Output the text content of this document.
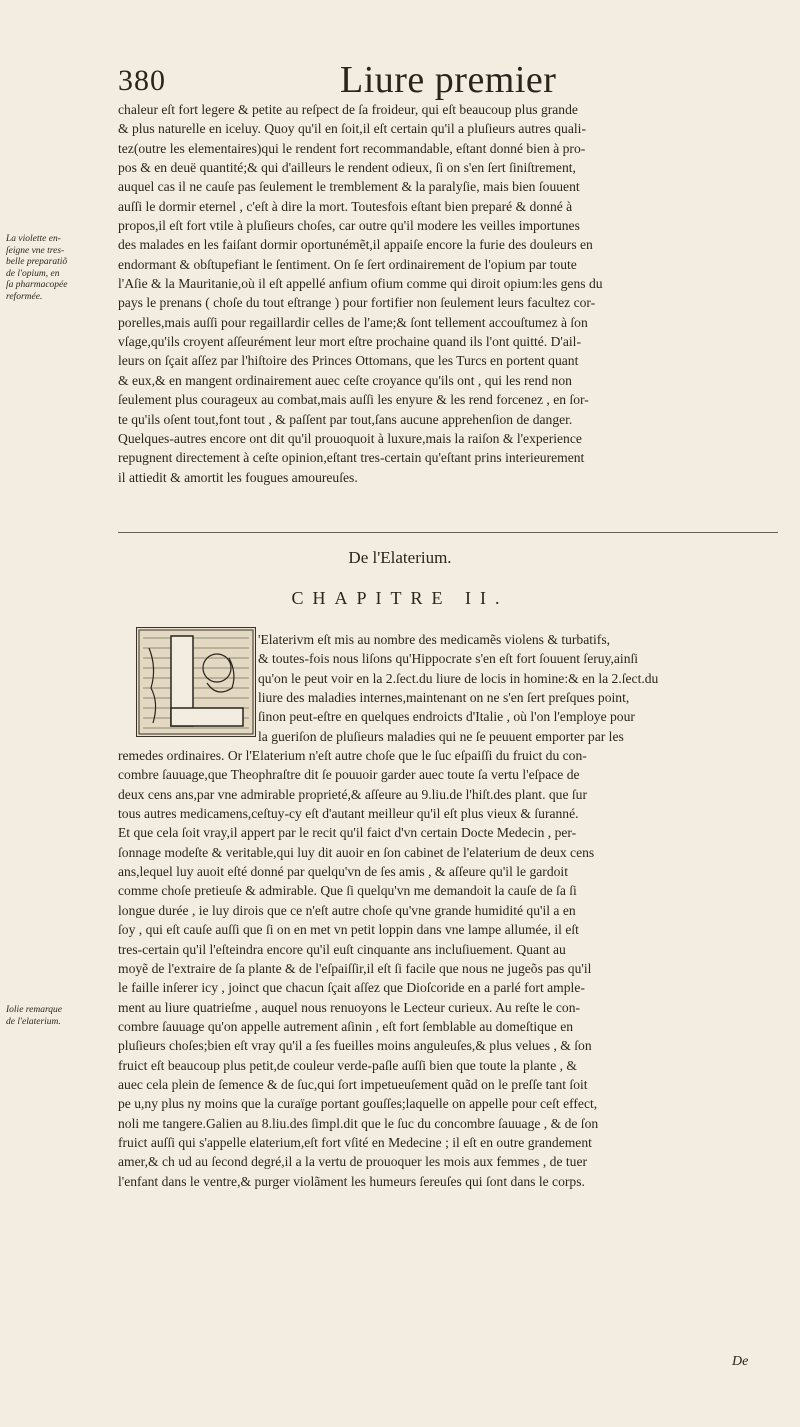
380	Liure premier
chaleur eſt fort legere & petite au reſpect de ſa froideur, qui eſt beaucoup plus grande
& plus naturelle en iceluy. Quoy qu'il en ſoit,il eſt certain qu'il a pluſieurs autres quali-
tez(outre les elementaires)qui le rendent fort recommandable, eſtant donné bien à pro-
pos & en deuë quantité;& qui d'ailleurs le rendent odieux, ſi on s'en ſert ſiniſtrement,
auquel cas il ne cauſe pas ſeulement le tremblement & la paralyſie, mais bien ſouuent
auſſi le dormir eternel , c'eſt à dire la mort. Toutesfois eſtant bien preparé & donné à
propos,il eſt fort vtile à pluſieurs choſes, car outre qu'il modere les veilles importunes
des malades en les faiſant dormir oportunémẽt,il appaiſe encore la furie des douleurs en
endormant & obſtupefiant le ſentiment. On ſe ſert ordinairement de l'opium par toute
l'Aſie & la Mauritanie,où il eſt appellé anfium ofium comme qui diroit opium:les gens du
pays le prenans ( choſe du tout eſtrange ) pour fortifier non ſeulement leurs facultez cor-
porelles,mais auſſi pour regaillardir celles de l'ame;& ſont tellement accouſtumez à ſon
vſage,qu'ils croyent aſſeurément leur mort eſtre prochaine quand ils l'ont quitté. D'ail-
leurs on ſçait aſſez par l'hiſtoire des Princes Ottomans, que les Turcs en portent quant
& eux,& en mangent ordinairement auec ceſte croyance qu'ils ont , qui les rend non
ſeulement plus courageux au combat,mais auſſi les enyure & les rend forcenez , en ſor-
te qu'ils oſent tout,font tout , & paſſent par tout,ſans aucune apprehenſion de danger.
Quelques-autres encore ont dit qu'il prouoquoit à luxure,mais la raiſon & l'experience
repugnent directement à ceſte opinion,eſtant tres-certain qu'eſtant prins interieurement
il attiedit & amortit les fougues amoureuſes.
La violette en-
ſeigne vne tres-
belle preparatiõ
de l'opium, en
ſa pharmacopée
reformée.
De l'Elaterium.
CHAPITRE II.
'Elaterivm eſt mis au nombre des medicamẽs violens & turbatifs,
& toutes-fois nous liſons qu'Hippocrate s'en eſt fort ſouuent ſeruy,ainſi
qu'on le peut voir en la 2.ſect.du liure de locis in homine:& en la 2.ſect.du
liure des maladies internes,maintenant on ne s'en ſert preſques point,
ſinon peut-eſtre en quelques endroicts d'Italie , où l'on l'employe pour
la gueriſon de pluſieurs maladies qui ne ſe peuuent emporter par les
remedes ordinaires. Or l'Elaterium n'eſt autre choſe que le ſuc eſpaiſſi du fruict du con-
combre ſauuage,que Theophraſtre dit ſe pouuoir garder auec toute ſa vertu l'eſpace de
deux cens ans,par vne admirable proprieté,& aſſeure au 9.liu.de l'hiſt.des plant. que ſur
tous autres medicamens,ceſtuy-cy eſt d'autant meilleur qu'il eſt plus vieux & ſuranné.
Et que cela ſoit vray,il appert par le recit qu'il faict d'vn certain Docte Medecin , per-
ſonnage modeſte & veritable,qui luy dit auoir en ſon cabinet de l'elaterium de deux cens
ans,lequel luy auoit eſté donné par quelqu'vn de ſes amis , & aſſeure qu'il le gardoit
comme choſe pretieuſe & admirable. Que ſi quelqu'vn me demandoit la cauſe de ſa ſi
longue durée , ie luy dirois que ce n'eſt autre choſe qu'vne grande humidité qu'il a en
ſoy , qui eſt cauſe auſſi que ſi on en met vn petit loppin dans vne lampe allumée, il eſt
tres-certain qu'il l'eſteindra encore qu'il euſt cinquante ans incluſiuement. Quant au
moyẽ de l'extraire de ſa plante & de l'eſpaiſſir,il eſt ſi facile que nous ne jugeõs pas qu'il
le faille inſerer icy , joinct que chacun ſçait aſſez que Dioſcoride en a parlé fort ample-
ment au liure quatrieſme , auquel nous renuoyons le Lecteur curieux. Au reſte le con-
combre ſauuage qu'on appelle autrement aſinin , eſt fort ſemblable au domeſtique en
pluſieurs choſes;bien eſt vray qu'il a ſes fueilles moins anguleuſes,& plus velues , & ſon
fruict eſt beaucoup plus petit,de couleur verde-paſle auſſi bien que toute la plante , &
auec cela plein de ſemence & de ſuc,qui ſort impetueuſement quãd on le preſſe tant ſoit
pe u,ny plus ny moins que la curaïge portant gouſſes;laquelle on appelle pour ceſt effect,
noli me tangere.Galien au 8.liu.des ſimpl.dit que le ſuc du concombre ſauuage , & de ſon
fruict auſſi qui s'appelle elaterium,eſt fort vſité en Medecine ; il eſt en outre grandement
amer,& ch ud au ſecond degré,il a la vertu de prouoquer les mois aux femmes , de tuer
l'enfant dans le ventre,& purger violãment les humeurs ſereuſes qui ſont dans le corps.
Iolie remarque
de l'elaterium.
De
